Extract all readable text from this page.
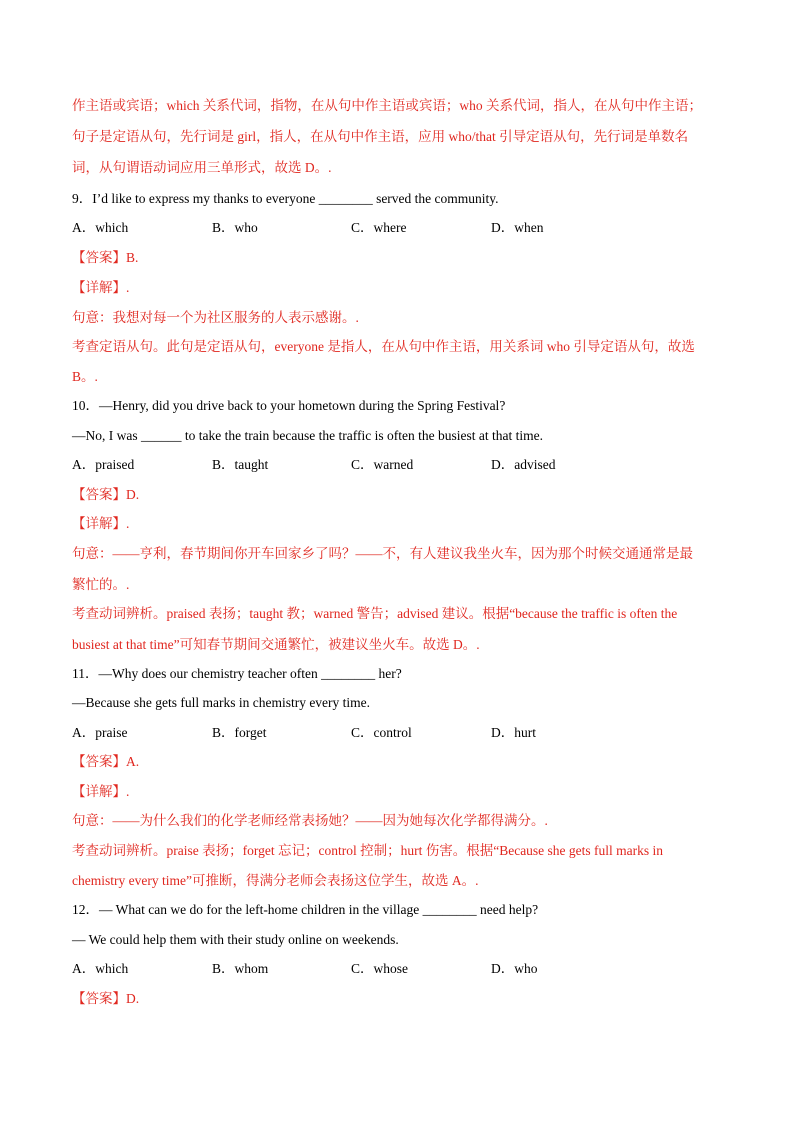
作主语或宾语；which 关系代词，指物，在从句中作主语或宾语；who 关系代词，指人，在从句中作主语；
句子是定语从句，先行词是 girl，指人，在从句中作主语，应用 who/that 引导定语从句，先行词是单数名
词，从句谓语动词应用三单形式，故选 D。.
9．I’d like to express my thanks to everyone ________ served the community.
A．which	B．who	C．where	D．when
【答案】B.
【详解】.
句意：我想对每一个为社区服务的人表示感谢。.
考查定语从句。此句是定语从句，everyone 是指人，在从句中作主语，用关系词 who 引导定语从句，故选
B。.
10．—Henry, did you drive back to your hometown during the Spring Festival?
—No, I was ______ to take the train because the traffic is often the busiest at that time.
A．praised	B．taught	C．warned	D．advised
【答案】D.
【详解】.
句意：——亨利，春节期间你开车回家乡了吗？——不，有人建议我坐火车，因为那个时候交通通常是最
繁忙的。.
考查动词辨析。praised 表扬；taught 教；warned 警告；advised 建议。根据“because the traffic is often the
busiest at that time”可知春节期间交通繁忙，被建议坐火车。故选 D。.
11．—Why does our chemistry teacher often ________ her?
—Because she gets full marks in chemistry every time.
A．praise	B．forget	C．control	D．hurt
【答案】A.
【详解】.
句意：——为什么我们的化学老师经常表扬她？——因为她每次化学都得满分。.
考查动词辨析。praise 表扬；forget 忘记；control 控制；hurt 伤害。根据“Because she gets full marks in
chemistry every time”可推断，得满分老师会表扬这位学生，故选 A。.
12．— What can we do for the left-home children in the village ________ need help?
— We could help them with their study online on weekends.
A．which	B．whom	C．whose	D．who
【答案】D.
